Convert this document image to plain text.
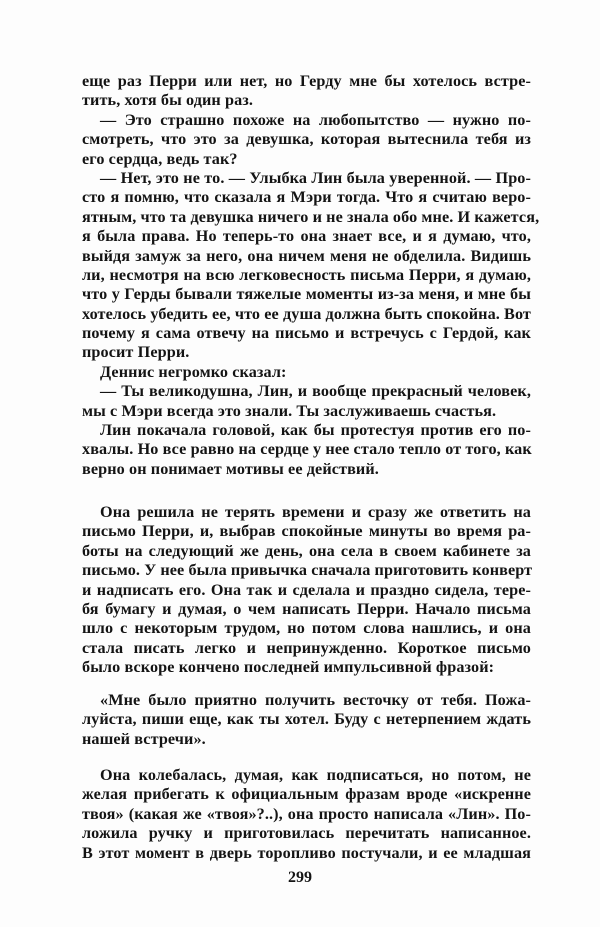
еще раз Перри или нет, но Герду мне бы хотелось встре-
тить, хотя бы один раз.
— Это страшно похоже на любопытство — нужно по-
смотреть, что это за девушка, которая вытеснила тебя из
его сердца, ведь так?
— Нет, это не то. — Улыбка Лин была уверенной. — Про-
сто я помню, что сказала я Мэри тогда. Что я считаю веро-
ятным, что та девушка ничего и не знала обо мне. И кажется,
я была права. Но теперь-то она знает все, и я думаю, что,
выйдя замуж за него, она ничем меня не обделила. Видишь
ли, несмотря на всю легковесность письма Перри, я думаю,
что у Герды бывали тяжелые моменты из-за меня, и мне бы
хотелось убедить ее, что ее душа должна быть спокойна. Вот
почему я сама отвечу на письмо и встречусь с Гердой, как
просит Перри.
Деннис негромко сказал:
— Ты великодушна, Лин, и вообще прекрасный человек,
мы с Мэри всегда это знали. Ты заслуживаешь счастья.
Лин покачала головой, как бы протестуя против его по-
хвалы. Но все равно на сердце у нее стало тепло от того, как
верно он понимает мотивы ее действий.
Она решила не терять времени и сразу же ответить на
письмо Перри, и, выбрав спокойные минуты во время ра-
боты на следующий же день, она села в своем кабинете за
письмо. У нее была привычка сначала приготовить конверт
и надписать его. Она так и сделала и праздно сидела, тере-
бя бумагу и думая, о чем написать Перри. Начало письма
шло с некоторым трудом, но потом слова нашлись, и она
стала писать легко и непринужденно. Короткое письмо
было вскоре кончено последней импульсивной фразой:
«Мне было приятно получить весточку от тебя. Пожа-
луйста, пиши еще, как ты хотел. Буду с нетерпением ждать
нашей встречи».
Она колебалась, думая, как подписаться, но потом, не
желая прибегать к официальным фразам вроде «искренне
твоя» (какая же «твоя»?..), она просто написала «Лин». По-
ложила ручку и приготовилась перечитать написанное.
В этот момент в дверь торопливо постучали, и ее младшая
299
